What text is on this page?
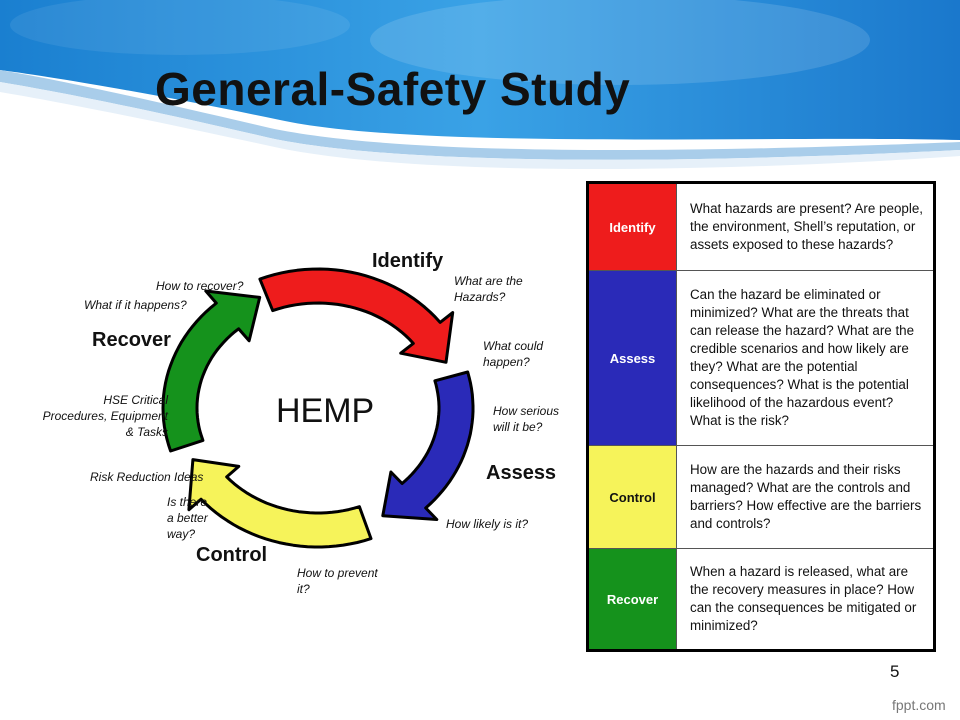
General-Safety Study
HEMP
Identify
Assess
Control
Recover
What are the
Hazards?
What could
happen?
How serious
will it be?
How likely is it?
How to prevent
it?
Is there
a better
way?
Risk Reduction Ideas
HSE Critical
Procedures, Equipment
& Tasks
What if it happens?
How to recover?
Identify	What hazards are present? Are people, the environment, Shell’s reputation, or assets exposed to these hazards?
Assess	Can the hazard be eliminated or minimized? What are the threats that can release the hazard? What are the credible scenarios and how likely are they? What are the potential consequences? What is the potential likelihood of the hazardous event? What is the risk?
Control	How are the hazards and their risks managed? What are the controls and barriers? How effective are the barriers and controls?
Recover	When a hazard is released, what are the recovery measures in place? How can the consequences be mitigated or minimized?
5
fppt.com
